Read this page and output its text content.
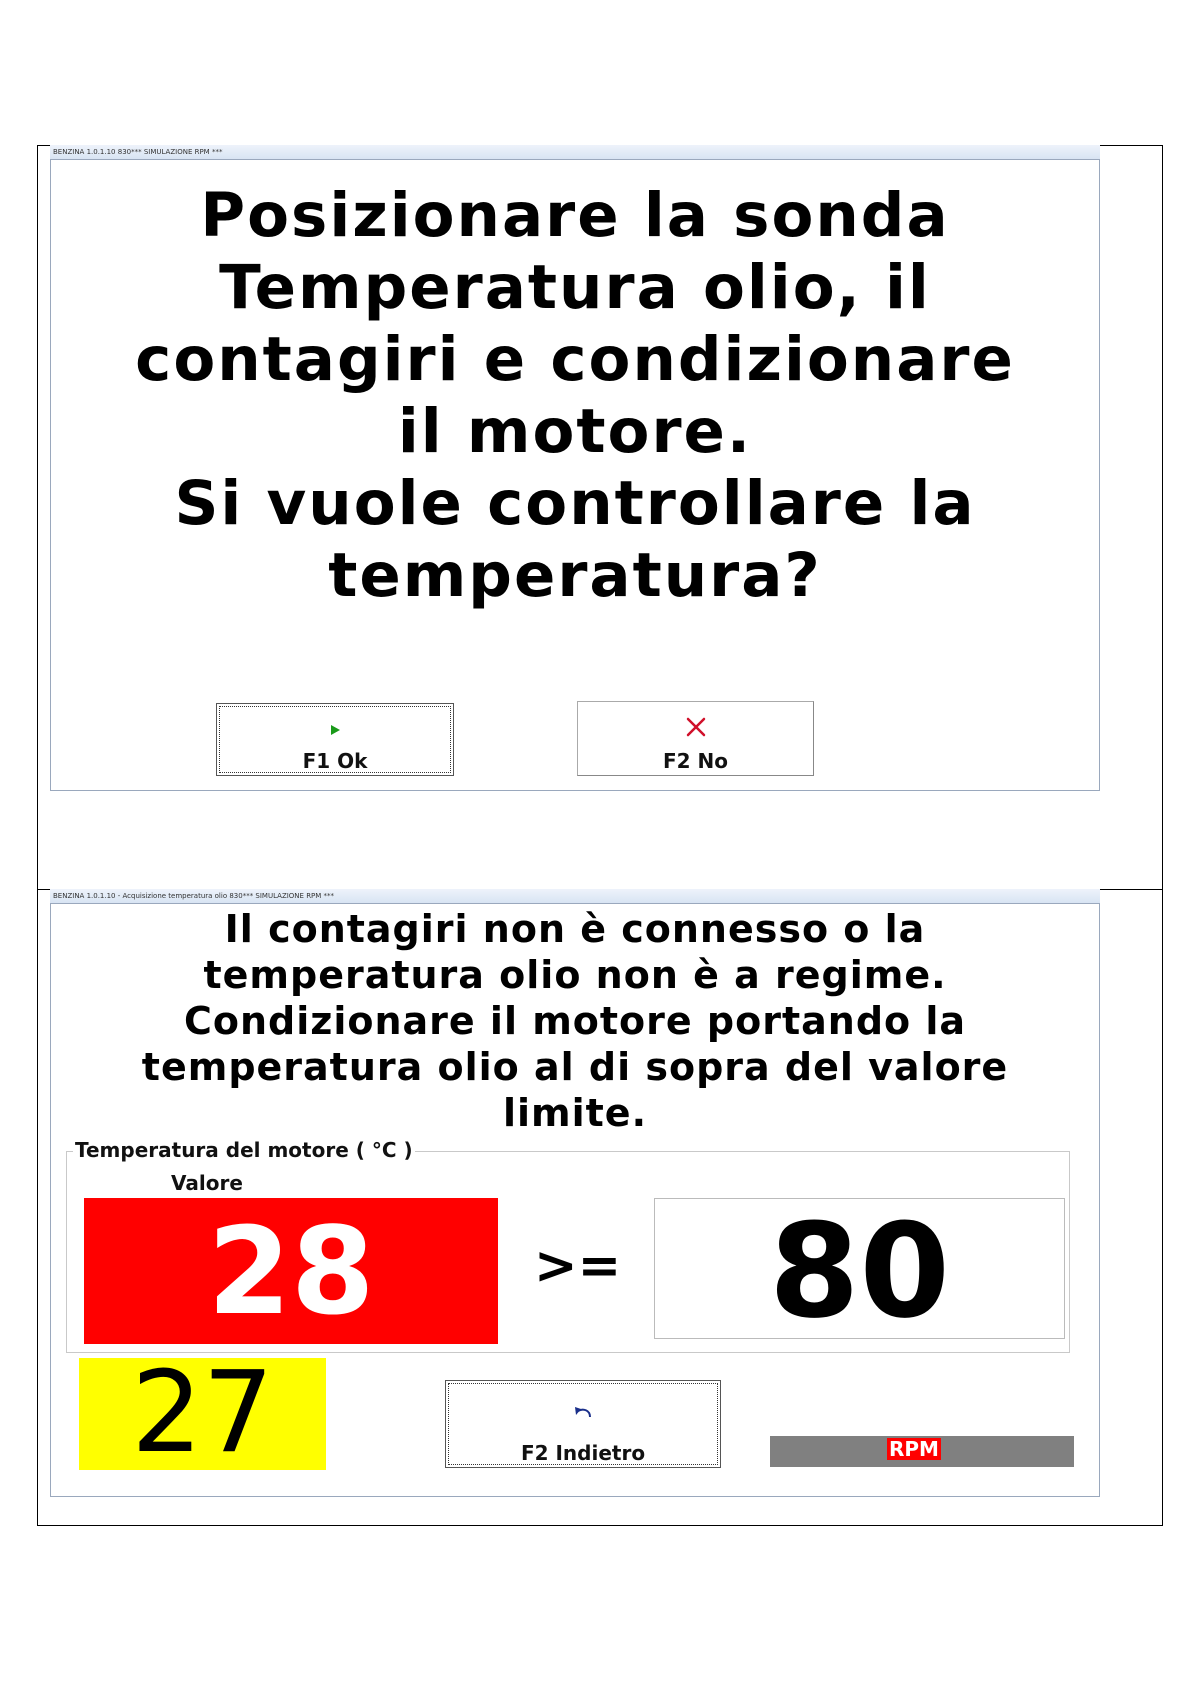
BENZINA 1.0.1.10 830*** SIMULAZIONE RPM ***
Posizionare la sonda
Temperatura olio, il
contagiri e condizionare
il motore.
Si vuole controllare la
temperatura?
F1 Ok	F2 No
BENZINA 1.0.1.10 - Acquisizione temperatura olio 830*** SIMULAZIONE RPM ***
Il contagiri non è connesso o la
temperatura olio non è a regime.
Condizionare il motore portando la
temperatura olio al di sopra del valore
limite.
Temperatura del motore ( °C )
Valore
28	>=	80
27	F2 Indietro	RPM
